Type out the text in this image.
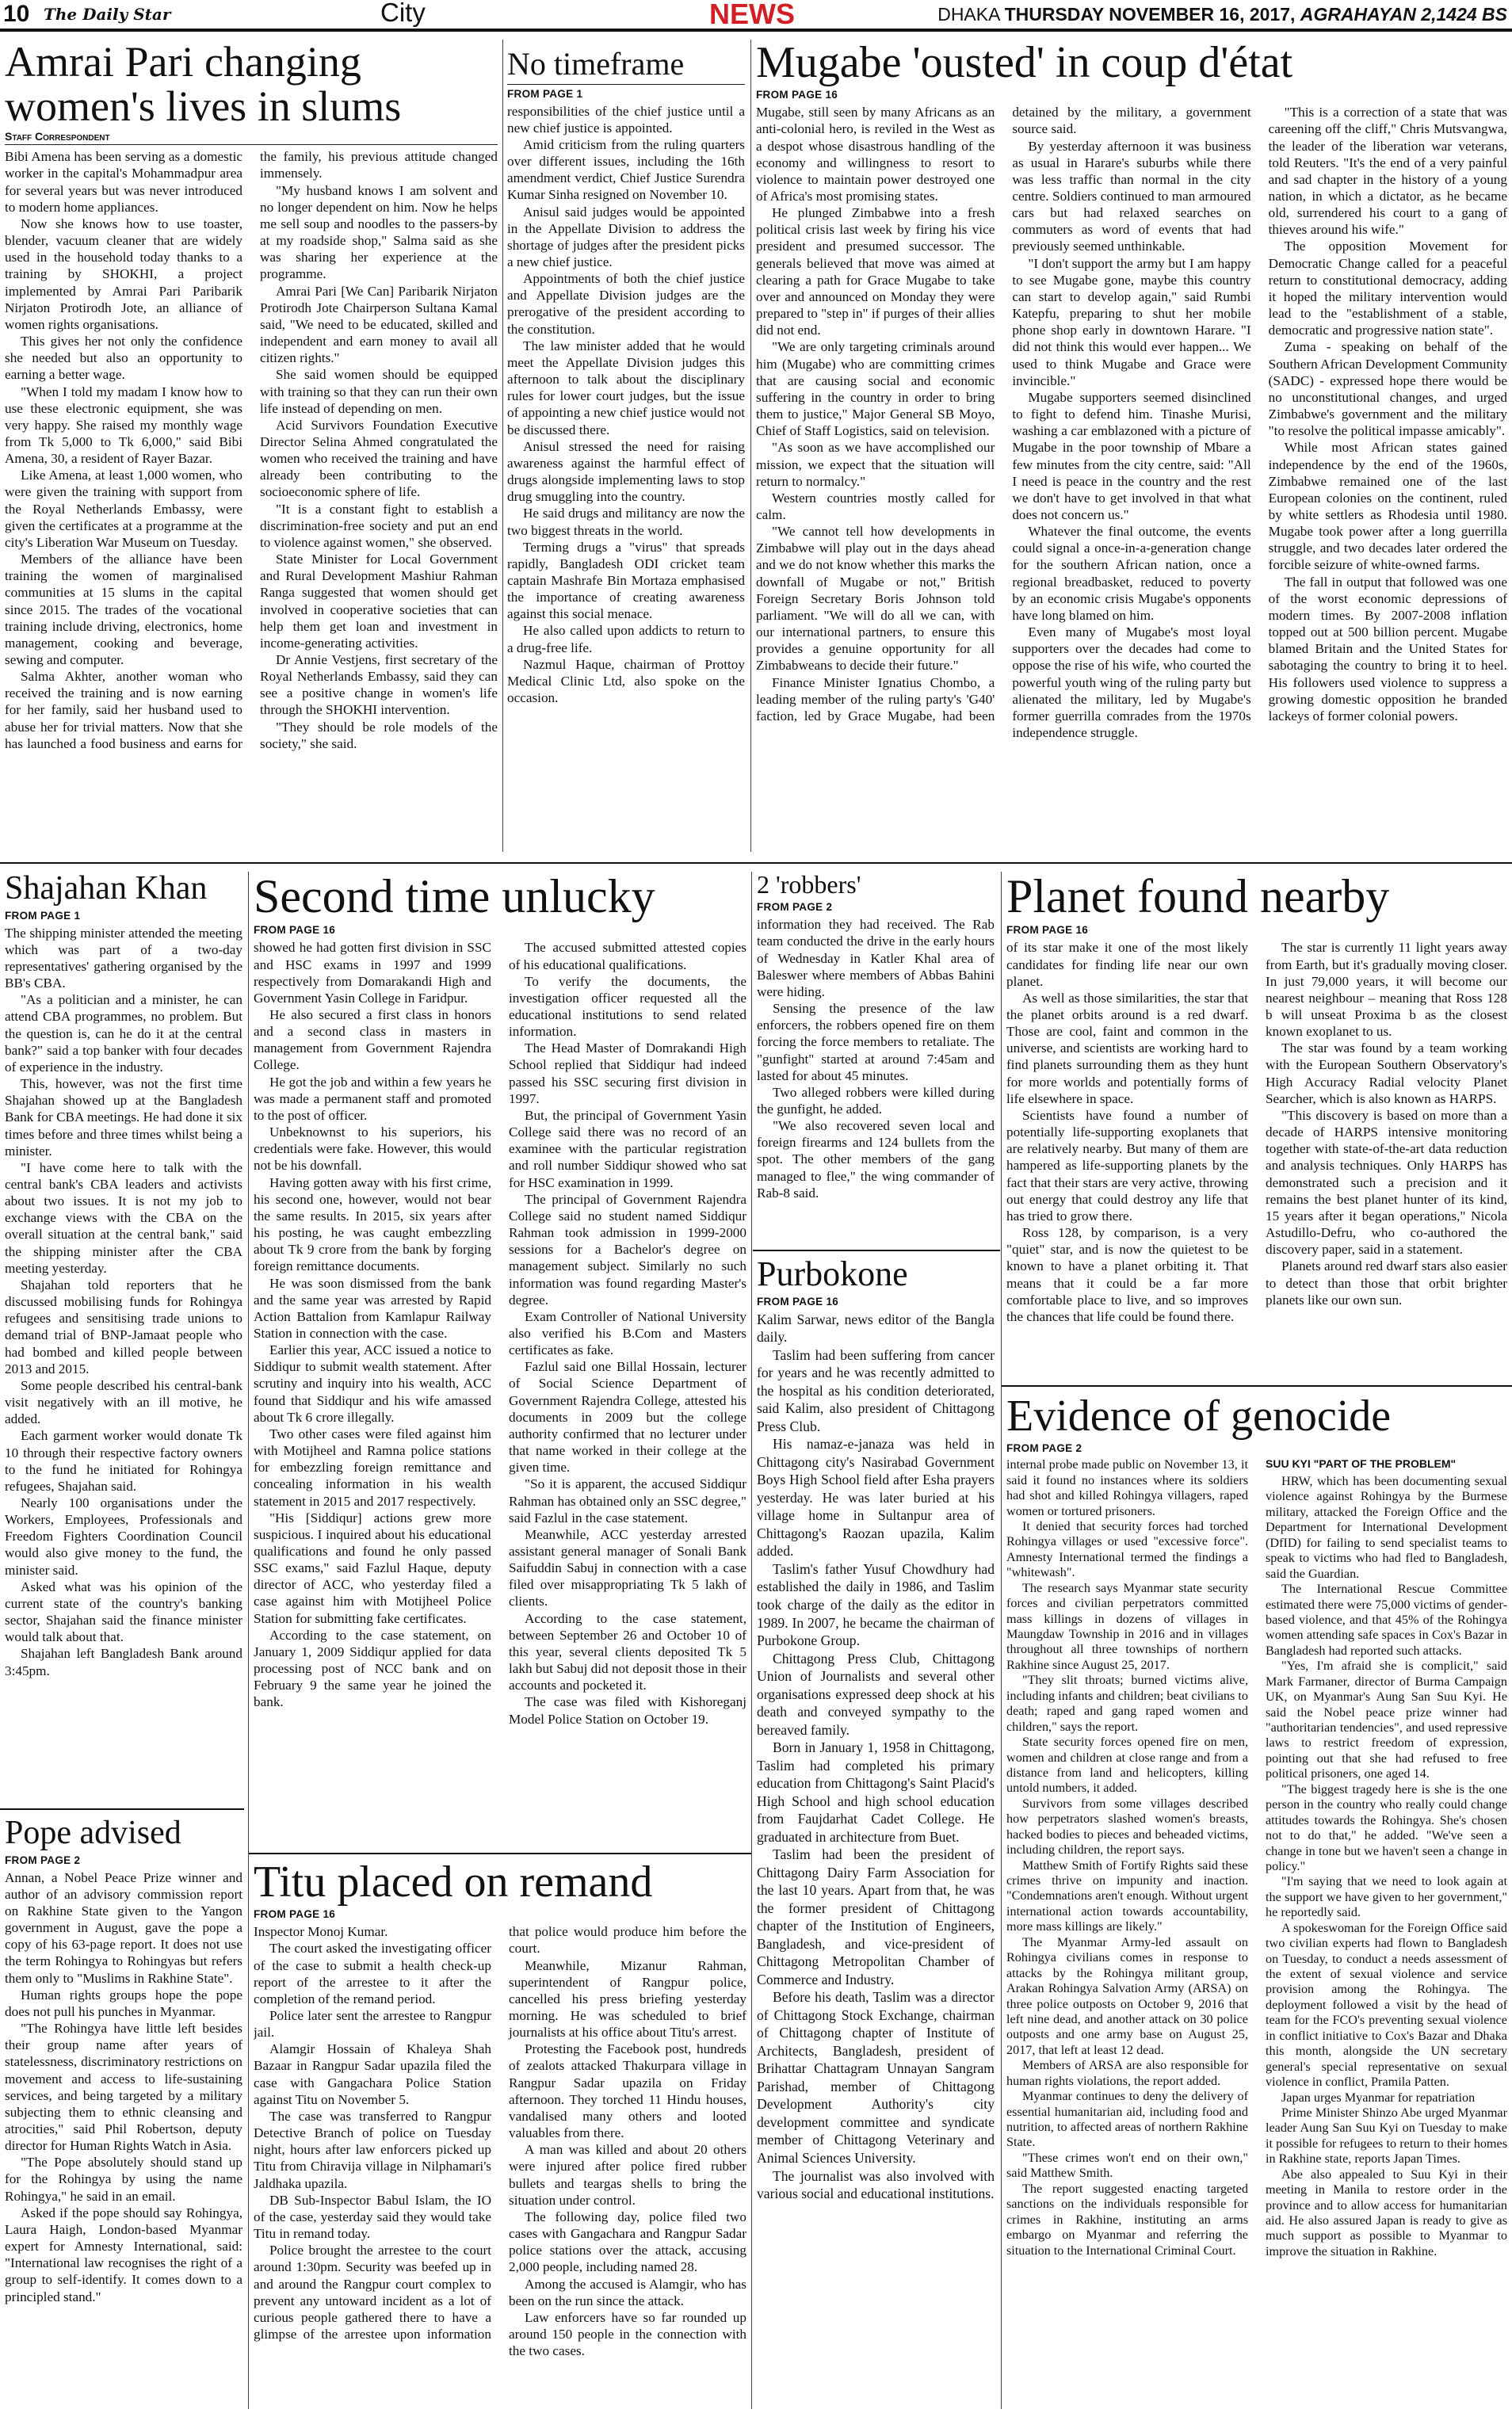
10 The Daily Star	City	NEWS	DHAKA THURSDAY NOVEMBER 16, 2017, AGRAHAYAN 2,1424 BS
Amrai Pari changing women's lives in slums
Staff Correspondent

Bibi Amena has been serving as a domestic worker in the capital's Mohammadpur area for several years but was never introduced to modern home appliances.

Now she knows how to use toaster, blender, vacuum cleaner that are widely used in the household today thanks to a training by SHOKHI, a project implemented by Amrai Pari Paribarik Nirjaton Protirodh Jote, an alliance of women rights organisations.

This gives her not only the confidence she needed but also an opportunity to earning a better wage.

"When I told my madam I know how to use these electronic equipment, she was very happy. She raised my monthly wage from Tk 5,000 to Tk 6,000," said Bibi Amena, 30, a resident of Rayer Bazar.

Like Amena, at least 1,000 women, who were given the training with support from the Royal Netherlands Embassy, were given the certificates at a programme at the city's Liberation War Museum on Tuesday.

Members of the alliance have been training the women of marginalised communities at 15 slums in the capital since 2015. The trades of the vocational training include driving, electronics, home management, cooking and beverage, sewing and computer.

Salma Akhter, another woman who received the training and is now earning for her family, said her husband used to abuse her for trivial matters. Now that she has launched a food business and earns for the family, his previous attitude changed immensely.

"My husband knows I am solvent and no longer dependent on him. Now he helps me sell soup and noodles to the passers-by at my roadside shop," Salma said as she was sharing her experience at the programme.

Amrai Pari [We Can] Paribarik Nirjaton Protirodh Jote Chairperson Sultana Kamal said, "We need to be educated, skilled and independent and earn money to avail all citizen rights."

She said women should be equipped with training so that they can run their own life instead of depending on men.

Acid Survivors Foundation Executive Director Selina Ahmed congratulated the women who received the training and have already been contributing to the socioeconomic sphere of life.

"It is a constant fight to establish a discrimination-free society and put an end to violence against women," she observed.

State Minister for Local Government and Rural Development Mashiur Rahman Ranga suggested that women should get involved in cooperative societies that can help them get loan and investment in income-generating activities.

Dr Annie Vestjens, first secretary of the Royal Netherlands Embassy, said they can see a positive change in women's life through the SHOKHI intervention.

"They should be role models of the society," she said.

No timeframe
FROM PAGE 1

responsibilities of the chief justice until a new chief justice is appointed.

Amid criticism from the ruling quarters over different issues, including the 16th amendment verdict, Chief Justice Surendra Kumar Sinha resigned on November 10.

Anisul said judges would be appointed in the Appellate Division to address the shortage of judges after the president picks a new chief justice.

Appointments of both the chief justice and Appellate Division judges are the prerogative of the president according to the constitution.

The law minister added that he would meet the Appellate Division judges this afternoon to talk about the disciplinary rules for lower court judges, but the issue of appointing a new chief justice would not be discussed there.

Anisul stressed the need for raising awareness against the harmful effect of drugs alongside implementing laws to stop drug smuggling into the country.

He said drugs and militancy are now the two biggest threats in the world.

Terming drugs a "virus" that spreads rapidly, Bangladesh ODI cricket team captain Mashrafe Bin Mortaza emphasised the importance of creating awareness against this social menace.

He also called upon addicts to return to a drug-free life.

Nazmul Haque, chairman of Prottoy Medical Clinic Ltd, also spoke on the occasion.

Mugabe 'ousted' in coup d'état
FROM PAGE 16

Mugabe, still seen by many Africans as an anti-colonial hero, is reviled in the West as a despot whose disastrous handling of the economy and willingness to resort to violence to maintain power destroyed one of Africa's most promising states.

He plunged Zimbabwe into a fresh political crisis last week by firing his vice president and presumed successor. The generals believed that move was aimed at clearing a path for Grace Mugabe to take over and announced on Monday they were prepared to "step in" if purges of their allies did not end.

"We are only targeting criminals around him (Mugabe) who are committing crimes that are causing social and economic suffering in the country in order to bring them to justice," Major General SB Moyo, Chief of Staff Logistics, said on television.

"As soon as we have accomplished our mission, we expect that the situation will return to normalcy."

Western countries mostly called for calm.

"We cannot tell how developments in Zimbabwe will play out in the days ahead and we do not know whether this marks the downfall of Mugabe or not," British Foreign Secretary Boris Johnson told parliament. "We will do all we can, with our international partners, to ensure this provides a genuine opportunity for all Zimbabweans to decide their future."

Finance Minister Ignatius Chombo, a leading member of the ruling party's 'G40' faction, led by Grace Mugabe, had been detained by the military, a government source said.

By yesterday afternoon it was business as usual in Harare's suburbs while there was less traffic than normal in the city centre. Soldiers continued to man armoured cars but had relaxed searches on commuters as word of events that had previously seemed unthinkable.

"I don't support the army but I am happy to see Mugabe gone, maybe this country can start to develop again," said Rumbi Katepfu, preparing to shut her mobile phone shop early in downtown Harare. "I did not think this would ever happen... We used to think Mugabe and Grace were invincible."

Mugabe supporters seemed disinclined to fight to defend him. Tinashe Murisi, washing a car emblazoned with a picture of Mugabe in the poor township of Mbare a few minutes from the city centre, said: "All I need is peace in the country and the rest we don't have to get involved in that what does not concern us."

Whatever the final outcome, the events could signal a once-in-a-generation change for the southern African nation, once a regional breadbasket, reduced to poverty by an economic crisis Mugabe's opponents have long blamed on him.

Even many of Mugabe's most loyal supporters over the decades had come to oppose the rise of his wife, who courted the powerful youth wing of the ruling party but alienated the military, led by Mugabe's former guerrilla comrades from the 1970s independence struggle.

"This is a correction of a state that was careening off the cliff," Chris Mutsvangwa, the leader of the liberation war veterans, told Reuters. "It's the end of a very painful and sad chapter in the history of a young nation, in which a dictator, as he became old, surrendered his court to a gang of thieves around his wife."

The opposition Movement for Democratic Change called for a peaceful return to constitutional democracy, adding it hoped the military intervention would lead to the "establishment of a stable, democratic and progressive nation state".

Zuma - speaking on behalf of the Southern African Development Community (SADC) - expressed hope there would be no unconstitutional changes, and urged Zimbabwe's government and the military "to resolve the political impasse amicably".

While most African states gained independence by the end of the 1960s, Zimbabwe remained one of the last European colonies on the continent, ruled by white settlers as Rhodesia until 1980. Mugabe took power after a long guerrilla struggle, and two decades later ordered the forcible seizure of white-owned farms.

The fall in output that followed was one of the worst economic depressions of modern times. By 2007-2008 inflation topped out at 500 billion percent. Mugabe blamed Britain and the United States for sabotaging the country to bring it to heel. His followers used violence to suppress a growing domestic opposition he branded lackeys of former colonial powers.

Shajahan Khan
FROM PAGE 1

The shipping minister attended the meeting which was part of a two-day representatives' gathering organised by the BB's CBA.

"As a politician and a minister, he can attend CBA programmes, no problem. But the question is, can he do it at the central bank?" said a top banker with four decades of experience in the industry.

This, however, was not the first time Shajahan showed up at the Bangladesh Bank for CBA meetings. He had done it six times before and three times whilst being a minister.

"I have come here to talk with the central bank's CBA leaders and activists about two issues. It is not my job to exchange views with the CBA on the overall situation at the central bank," said the shipping minister after the CBA meeting yesterday.

Shajahan told reporters that he discussed mobilising funds for Rohingya refugees and sensitising trade unions to demand trial of BNP-Jamaat people who had bombed and killed people between 2013 and 2015.

Some people described his central-bank visit negatively with an ill motive, he added.

Each garment worker would donate Tk 10 through their respective factory owners to the fund he initiated for Rohingya refugees, Shajahan said.

Nearly 100 organisations under the Workers, Employees, Professionals and Freedom Fighters Coordination Council would also give money to the fund, the minister said.

Asked what was his opinion of the current state of the country's banking sector, Shajahan said the finance minister would talk about that.

Shajahan left Bangladesh Bank around 3:45pm.

Pope advised
FROM PAGE 2

Annan, a Nobel Peace Prize winner and author of an advisory commission report on Rakhine State given to the Yangon government in August, gave the pope a copy of his 63-page report. It does not use the term Rohingya to Rohingyas but refers them only to "Muslims in Rakhine State".

Human rights groups hope the pope does not pull his punches in Myanmar.

"The Rohingya have little left besides their group name after years of statelessness, discriminatory restrictions on movement and access to life-sustaining services, and being targeted by a military subjecting them to ethnic cleansing and atrocities," said Phil Robertson, deputy director for Human Rights Watch in Asia.

"The Pope absolutely should stand up for the Rohingya by using the name Rohingya," he said in an email.

Asked if the pope should say Rohingya, Laura Haigh, London-based Myanmar expert for Amnesty International, said: "International law recognises the right of a group to self-identify. It comes down to a principled stand."

Second time unlucky
FROM PAGE 16

showed he had gotten first division in SSC and HSC exams in 1997 and 1999 respectively from Domarakandi High and Government Yasin College in Faridpur.

He also secured a first class in honors and a second class in masters in management from Government Rajendra College.

He got the job and within a few years he was made a permanent staff and promoted to the post of officer.

Unbeknownst to his superiors, his credentials were fake. However, this would not be his downfall.

Having gotten away with his first crime, his second one, however, would not bear the same results. In 2015, six years after his posting, he was caught embezzling about Tk 9 crore from the bank by forging foreign remittance documents.

He was soon dismissed from the bank and the same year was arrested by Rapid Action Battalion from Kamlapur Railway Station in connection with the case.

Earlier this year, ACC issued a notice to Siddiqur to submit wealth statement. After scrutiny and inquiry into his wealth, ACC found that Siddiqur and his wife amassed about Tk 6 crore illegally.

Two other cases were filed against him with Motijheel and Ramna police stations for embezzling foreign remittance and concealing information in his wealth statement in 2015 and 2017 respectively.

"His [Siddiqur] actions grew more suspicious. I inquired about his educational qualifications and found he only passed SSC exams," said Fazlul Haque, deputy director of ACC, who yesterday filed a case against him with Motijheel Police Station for submitting fake certificates.

According to the case statement, on January 1, 2009 Siddiqur applied for data processing post of NCC bank and on February 9 the same year he joined the bank.

The accused submitted attested copies of his educational qualifications.

To verify the documents, the investigation officer requested all the educational institutions to send related information.

The Head Master of Domrakandi High School replied that Siddiqur had indeed passed his SSC securing first division in 1997.

But, the principal of Government Yasin College said there was no record of an examinee with the particular registration and roll number Siddiqur showed who sat for HSC examination in 1999.

The principal of Government Rajendra College said no student named Siddiqur Rahman took admission in 1999-2000 sessions for a Bachelor's degree on management subject. Similarly no such information was found regarding Master's degree.

Exam Controller of National University also verified his B.Com and Masters certificates as fake.

Fazlul said one Billal Hossain, lecturer of Social Science Department of Government Rajendra College, attested his documents in 2009 but the college authority confirmed that no lecturer under that name worked in their college at the given time.

"So it is apparent, the accused Siddiqur Rahman has obtained only an SSC degree," said Fazlul in the case statement.

Meanwhile, ACC yesterday arrested assistant general manager of Sonali Bank Saifuddin Sabuj in connection with a case filed over misappropriating Tk 5 lakh of clients.

According to the case statement, between September 26 and October 10 of this year, several clients deposited Tk 5 lakh but Sabuj did not deposit those in their accounts and pocketed it.

The case was filed with Kishoreganj Model Police Station on October 19.

Titu placed on remand
FROM PAGE 16

Inspector Monoj Kumar.

The court asked the investigating officer of the case to submit a health check-up report of the arrestee to it after the completion of the remand period.

Police later sent the arrestee to Rangpur jail.

Alamgir Hossain of Khaleya Shah Bazaar in Rangpur Sadar upazila filed the case with Gangachara Police Station against Titu on November 5.

The case was transferred to Rangpur Detective Branch of police on Tuesday night, hours after law enforcers picked up Titu from Chiravija village in Nilphamari's Jaldhaka upazila.

DB Sub-Inspector Babul Islam, the IO of the case, yesterday said they would take Titu in remand today.

Police brought the arrestee to the court around 1:30pm. Security was beefed up in and around the Rangpur court complex to prevent any untoward incident as a lot of curious people gathered there to have a glimpse of the arrestee upon information that police would produce him before the court.

Meanwhile, Mizanur Rahman, superintendent of Rangpur police, cancelled his press briefing yesterday morning. He was scheduled to brief journalists at his office about Titu's arrest.

Protesting the Facebook post, hundreds of zealots attacked Thakurpara village in Rangpur Sadar upazila on Friday afternoon. They torched 11 Hindu houses, vandalised many others and looted valuables from there.

A man was killed and about 20 others were injured after police fired rubber bullets and teargas shells to bring the situation under control.

The following day, police filed two cases with Gangachara and Rangpur Sadar police stations over the attack, accusing 2,000 people, including named 28.

Among the accused is Alamgir, who has been on the run since the attack.

Law enforcers have so far rounded up around 150 people in the connection with the two cases.

2 'robbers'
FROM PAGE 2

information they had received. The Rab team conducted the drive in the early hours of Wednesday in Katler Khal area of Baleswer where members of Abbas Bahini were hiding.

Sensing the presence of the law enforcers, the robbers opened fire on them forcing the force members to retaliate. The "gunfight" started at around 7:45am and lasted for about 45 minutes.

Two alleged robbers were killed during the gunfight, he added.

"We also recovered seven local and foreign firearms and 124 bullets from the spot. The other members of the gang managed to flee," the wing commander of Rab-8 said.

Purbokone
FROM PAGE 16

Kalim Sarwar, news editor of the Bangla daily.

Taslim had been suffering from cancer for years and he was recently admitted to the hospital as his condition deteriorated, said Kalim, also president of Chittagong Press Club.

His namaz-e-janaza was held in Chittagong city's Nasirabad Government Boys High School field after Esha prayers yesterday. He was later buried at his village home in Sultanpur area of Chittagong's Raozan upazila, Kalim added.

Taslim's father Yusuf Chowdhury had established the daily in 1986, and Taslim took charge of the daily as the editor in 1989. In 2007, he became the chairman of Purbokone Group.

Chittagong Press Club, Chittagong Union of Journalists and several other organisations expressed deep shock at his death and conveyed sympathy to the bereaved family.

Born in January 1, 1958 in Chittagong, Taslim had completed his primary education from Chittagong's Saint Placid's High School and high school education from Faujdarhat Cadet College. He graduated in architecture from Buet.

Taslim had been the president of Chittagong Dairy Farm Association for the last 10 years. Apart from that, he was the former president of Chittagong chapter of the Institution of Engineers, Bangladesh, and vice-president of Chittagong Metropolitan Chamber of Commerce and Industry.

Before his death, Taslim was a director of Chittagong Stock Exchange, chairman of Chittagong chapter of Institute of Architects, Bangladesh, president of Brihattar Chattagram Unnayan Sangram Parishad, member of Chittagong Development Authority's city development committee and syndicate member of Chittagong Veterinary and Animal Sciences University.

The journalist was also involved with various social and educational institutions.

Planet found nearby
FROM PAGE 16

of its star make it one of the most likely candidates for finding life near our own planet.

As well as those similarities, the star that the planet orbits around is a red dwarf. Those are cool, faint and common in the universe, and scientists are working hard to find planets surrounding them as they hunt for more worlds and potentially forms of life elsewhere in space.

Scientists have found a number of potentially life-supporting exoplanets that are relatively nearby. But many of them are hampered as life-supporting planets by the fact that their stars are very active, throwing out energy that could destroy any life that has tried to grow there.

Ross 128, by comparison, is a very "quiet" star, and is now the quietest to be known to have a planet orbiting it. That means that it could be a far more comfortable place to live, and so improves the chances that life could be found there.

The star is currently 11 light years away from Earth, but it's gradually moving closer. In just 79,000 years, it will become our nearest neighbour – meaning that Ross 128 b will unseat Proxima b as the closest known exoplanet to us.

The star was found by a team working with the European Southern Observatory's High Accuracy Radial velocity Planet Searcher, which is also known as HARPS.

"This discovery is based on more than a decade of HARPS intensive monitoring together with state-of-the-art data reduction and analysis techniques. Only HARPS has demonstrated such a precision and it remains the best planet hunter of its kind, 15 years after it began operations," Nicola Astudillo-Defru, who co-authored the discovery paper, said in a statement.

Planets around red dwarf stars also easier to detect than those that orbit brighter planets like our own sun.

Evidence of genocide
FROM PAGE 2

internal probe made public on November 13, it said it found no instances where its soldiers had shot and killed Rohingya villagers, raped women or tortured prisoners.

It denied that security forces had torched Rohingya villages or used "excessive force". Amnesty International termed the findings a "whitewash".

The research says Myanmar state security forces and civilian perpetrators committed mass killings in dozens of villages in Maungdaw Township in 2016 and in villages throughout all three townships of northern Rakhine since August 25, 2017.

"They slit throats; burned victims alive, including infants and children; beat civilians to death; raped and gang raped women and children," says the report.

State security forces opened fire on men, women and children at close range and from a distance from land and helicopters, killing untold numbers, it added.

Survivors from some villages described how perpetrators slashed women's breasts, hacked bodies to pieces and beheaded victims, including children, the report says.

Matthew Smith of Fortify Rights said these crimes thrive on impunity and inaction. "Condemnations aren't enough. Without urgent international action towards accountability, more mass killings are likely."

The Myanmar Army-led assault on Rohingya civilians comes in response to attacks by the Rohingya militant group, Arakan Rohingya Salvation Army (ARSA) on three police outposts on October 9, 2016 that left nine dead, and another attack on 30 police outposts and one army base on August 25, 2017, that left at least 12 dead.

Members of ARSA are also responsible for human rights violations, the report added.

Myanmar continues to deny the delivery of essential humanitarian aid, including food and nutrition, to affected areas of northern Rakhine State.

"These crimes won't end on their own," said Matthew Smith.

The report suggested enacting targeted sanctions on the individuals responsible for crimes in Rakhine, instituting an arms embargo on Myanmar and referring the situation to the International Criminal Court.

SUU KYI "PART OF THE PROBLEM"

HRW, which has been documenting sexual violence against Rohingya by the Burmese military, attacked the Foreign Office and the Department for International Development (DfID) for failing to send specialist teams to speak to victims who had fled to Bangladesh, said the Guardian.

The International Rescue Committee estimated there were 75,000 victims of gender-based violence, and that 45% of the Rohingya women attending safe spaces in Cox's Bazar in Bangladesh had reported such attacks.

"Yes, I'm afraid she is complicit," said Mark Farmaner, director of Burma Campaign UK, on Myanmar's Aung San Suu Kyi. He said the Nobel peace prize winner had "authoritarian tendencies", and used repressive laws to restrict freedom of expression, pointing out that she had refused to free political prisoners, one aged 14.

"The biggest tragedy here is she is the one person in the country who really could change attitudes towards the Rohingya. She's chosen not to do that," he added. "We've seen a change in tone but we haven't seen a change in policy."

"I'm saying that we need to look again at the support we have given to her government," he reportedly said.

A spokeswoman for the Foreign Office said two civilian experts had flown to Bangladesh on Tuesday, to conduct a needs assessment of the extent of sexual violence and service provision among the Rohingya. The deployment followed a visit by the head of team for the FCO's preventing sexual violence in conflict initiative to Cox's Bazar and Dhaka this month, alongside the UN secretary general's special representative on sexual violence in conflict, Pramila Patten.

Japan urges Myanmar for repatriation

Prime Minister Shinzo Abe urged Myanmar leader Aung San Suu Kyi on Tuesday to make it possible for refugees to return to their homes in Rakhine state, reports Japan Times.

Abe also appealed to Suu Kyi in their meeting in Manila to restore order in the province and to allow access for humanitarian aid. He also assured Japan is ready to give as much support as possible to Myanmar to improve the situation in Rakhine.
